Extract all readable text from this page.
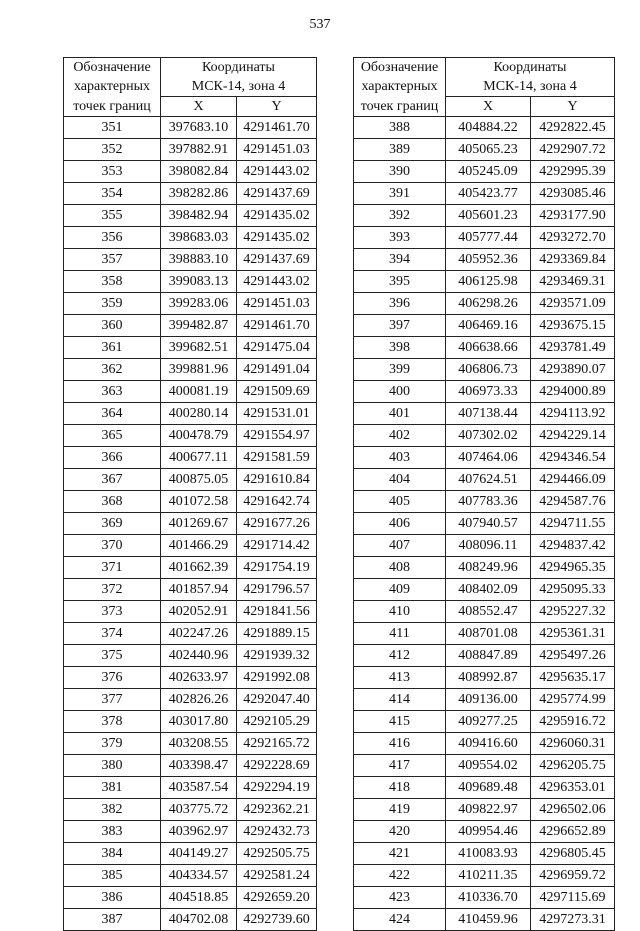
537
Обозначение	Координаты	
характерных	МСК-14, зона 4	
точек границ	X	Y
351	397683.10	4291461.70
352	397882.91	4291451.03
353	398082.84	4291443.02
354	398282.86	4291437.69
355	398482.94	4291435.02
356	398683.03	4291435.02
357	398883.10	4291437.69
358	399083.13	4291443.02
359	399283.06	4291451.03
360	399482.87	4291461.70
361	399682.51	4291475.04
362	399881.96	4291491.04
363	400081.19	4291509.69
364	400280.14	4291531.01
365	400478.79	4291554.97
366	400677.11	4291581.59
367	400875.05	4291610.84
368	401072.58	4291642.74
369	401269.67	4291677.26
370	401466.29	4291714.42
371	401662.39	4291754.19
372	401857.94	4291796.57
373	402052.91	4291841.56
374	402247.26	4291889.15
375	402440.96	4291939.32
376	402633.97	4291992.08
377	402826.26	4292047.40
378	403017.80	4292105.29
379	403208.55	4292165.72
380	403398.47	4292228.69
381	403587.54	4292294.19
382	403775.72	4292362.21
383	403962.97	4292432.73
384	404149.27	4292505.75
385	404334.57	4292581.24
386	404518.85	4292659.20
387	404702.08	4292739.60
Обозначение	Координаты	
характерных	МСК-14, зона 4	
точек границ	X	Y
388	404884.22	4292822.45
389	405065.23	4292907.72
390	405245.09	4292995.39
391	405423.77	4293085.46
392	405601.23	4293177.90
393	405777.44	4293272.70
394	405952.36	4293369.84
395	406125.98	4293469.31
396	406298.26	4293571.09
397	406469.16	4293675.15
398	406638.66	4293781.49
399	406806.73	4293890.07
400	406973.33	4294000.89
401	407138.44	4294113.92
402	407302.02	4294229.14
403	407464.06	4294346.54
404	407624.51	4294466.09
405	407783.36	4294587.76
406	407940.57	4294711.55
407	408096.11	4294837.42
408	408249.96	4294965.35
409	408402.09	4295095.33
410	408552.47	4295227.32
411	408701.08	4295361.31
412	408847.89	4295497.26
413	408992.87	4295635.17
414	409136.00	4295774.99
415	409277.25	4295916.72
416	409416.60	4296060.31
417	409554.02	4296205.75
418	409689.48	4296353.01
419	409822.97	4296502.06
420	409954.46	4296652.89
421	410083.93	4296805.45
422	410211.35	4296959.72
423	410336.70	4297115.69
424	410459.96	4297273.31
